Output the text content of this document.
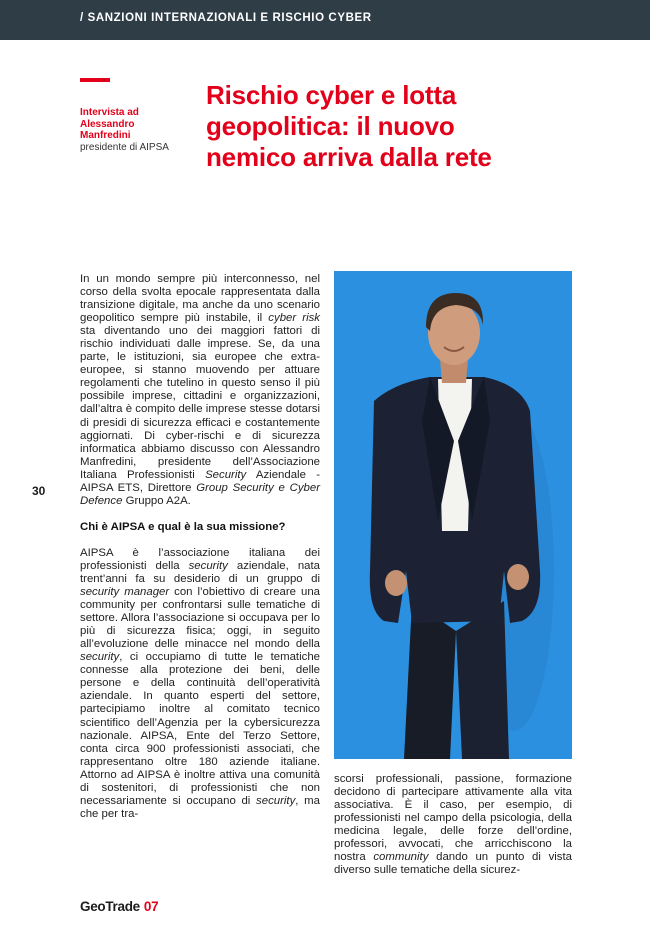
/ SANZIONI INTERNAZIONALI E RISCHIO CYBER
Intervista ad
Alessandro
Manfredini
presidente di AIPSA
Rischio cyber e lotta
geopolitica: il nuovo
nemico arriva dalla rete
30

In un mondo sempre più interconnesso, nel corso della svolta epocale rappresentata dalla transizione digitale, ma anche da uno scenario geopolitico sempre più instabile, il cyber risk sta diventando uno dei maggiori fattori di rischio individuati dalle imprese. Se, da una parte, le istituzioni, sia europee che extra-europee, si stanno muovendo per attuare regolamenti che tutelino in questo senso il più possibile imprese, cittadini e organizzazioni, dall’altra è compito delle imprese stesse dotarsi di presidi di sicurezza efficaci e costantemente aggiornati. Di cyber-rischi e di sicurezza informatica abbiamo discusso con Alessandro Manfredini, presidente dell’Associazione Italiana Professionisti Security Aziendale - AIPSA ETS, Direttore Group Security e Cyber Defence Gruppo A2A.

Chi è AIPSA e qual è la sua missione?

AIPSA è l’associazione italiana dei professionisti della security aziendale, nata trent’anni fa su desiderio di un gruppo di security manager con l’obiettivo di creare una community per confrontarsi sulle tematiche di settore. Allora l’associazione si occupava per lo più di sicurezza fisica; oggi, in seguito all’evoluzione delle minacce nel mondo della security, ci occupiamo di tutte le tematiche connesse alla protezione dei beni, delle persone e della continuità dell’operatività aziendale. In quanto esperti del settore, partecipiamo inoltre al comitato tecnico scientifico dell’Agenzia per la cybersicurezza nazionale. AIPSA, Ente del Terzo Settore, conta circa 900 professionisti associati, che rappresentano oltre 180 aziende italiane. Attorno ad AIPSA è inoltre attiva una comunità di sostenitori, di professionisti che non necessariamente si occupano di security, ma che per tra-

scorsi professionali, passione, formazione decidono di partecipare attivamente alla vita associativa. È il caso, per esempio, di professionisti nel campo della psicologia, della medicina legale, delle forze dell’ordine, professori, avvocati, che arricchiscono la nostra community dando un punto di vista diverso sulle tematiche della sicurez-

GeoTrade 07
